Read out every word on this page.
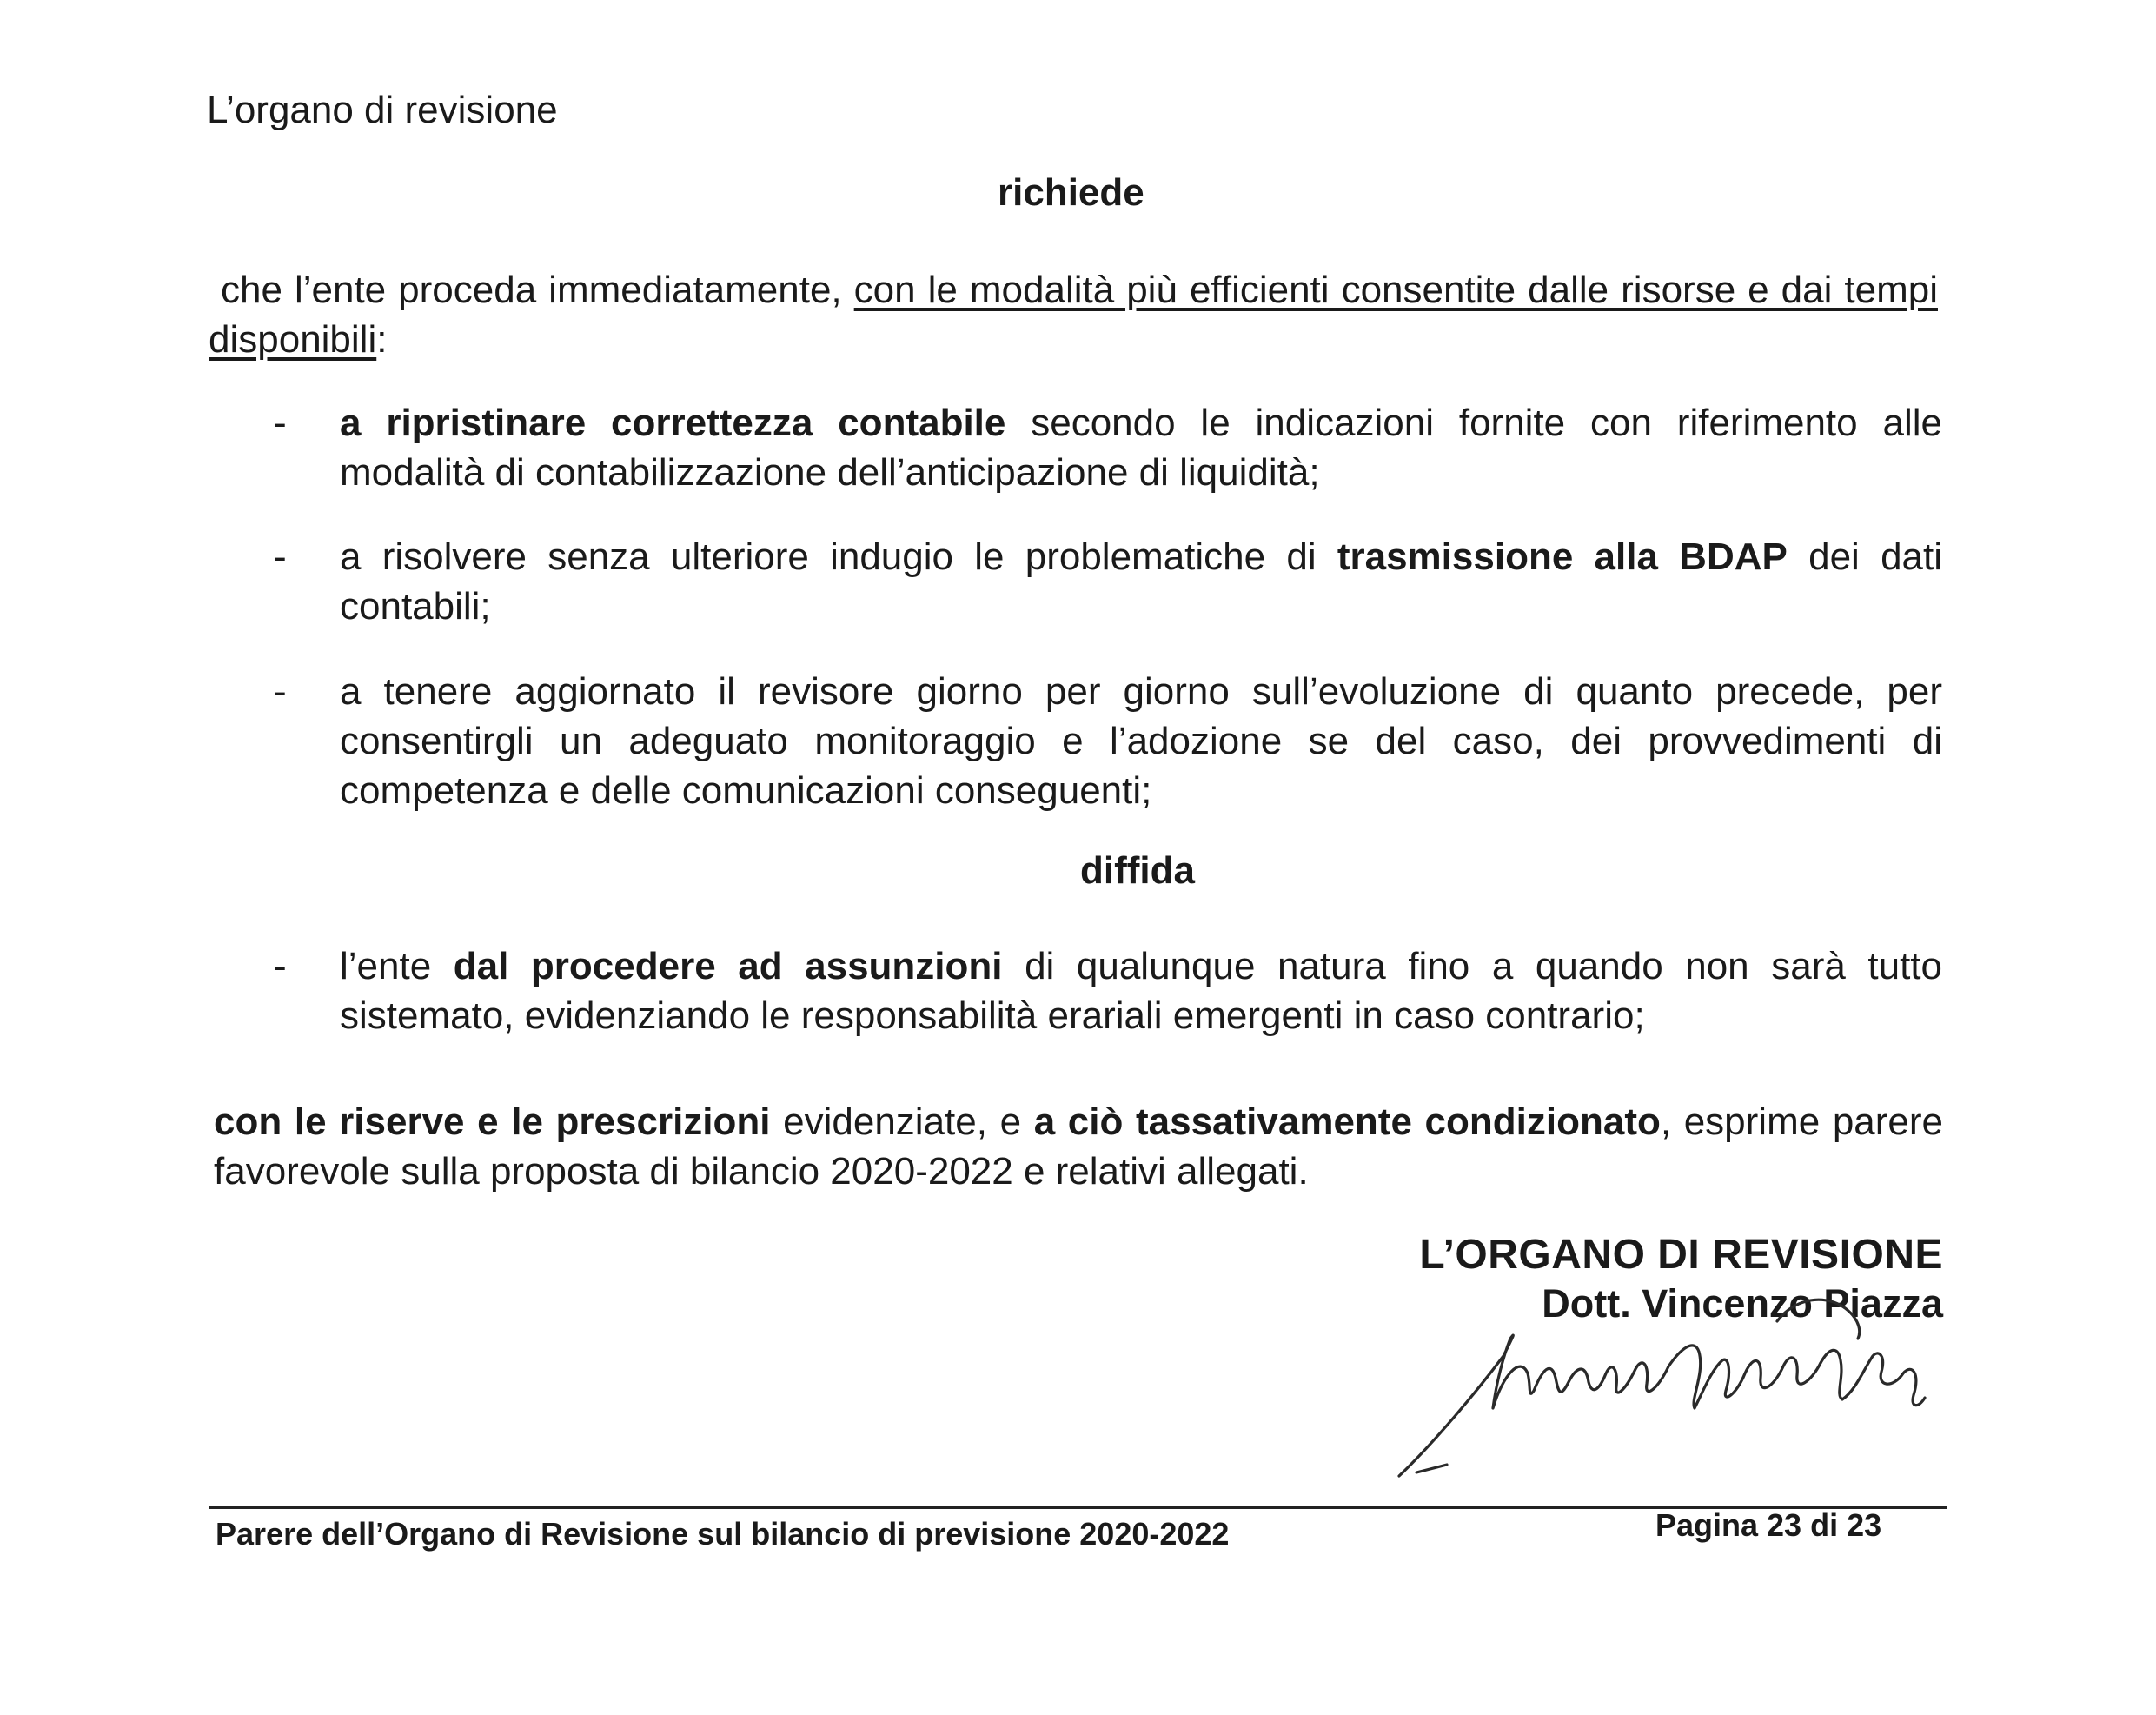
L’organo di revisione
richiede
che l’ente proceda immediatamente, con le modalità più efficienti consentite dalle risorse e dai tempi disponibili:
-	a ripristinare correttezza contabile secondo le indicazioni fornite con riferimento alle modalità di contabilizzazione dell’anticipazione di liquidità;
-	a risolvere senza ulteriore indugio le problematiche di trasmissione alla BDAP dei dati contabili;
-	a tenere aggiornato il revisore giorno per giorno sull’evoluzione di quanto precede, per consentirgli un adeguato monitoraggio e l’adozione se del caso, dei provvedimenti di competenza e delle comunicazioni conseguenti;
diffida
-	l’ente dal procedere ad assunzioni di qualunque natura fino a quando non sarà tutto sistemato, evidenziando le responsabilità erariali emergenti in caso contrario;
con le riserve e le prescrizioni evidenziate, e a ciò tassativamente condizionato, esprime parere favorevole sulla proposta di bilancio 2020-2022 e relativi allegati.
L’ORGANO DI REVISIONE
Dott. Vincenzo Piazza
Parere dell’Organo di Revisione sul bilancio di previsione 2020-2022	Pagina 23 di 23
